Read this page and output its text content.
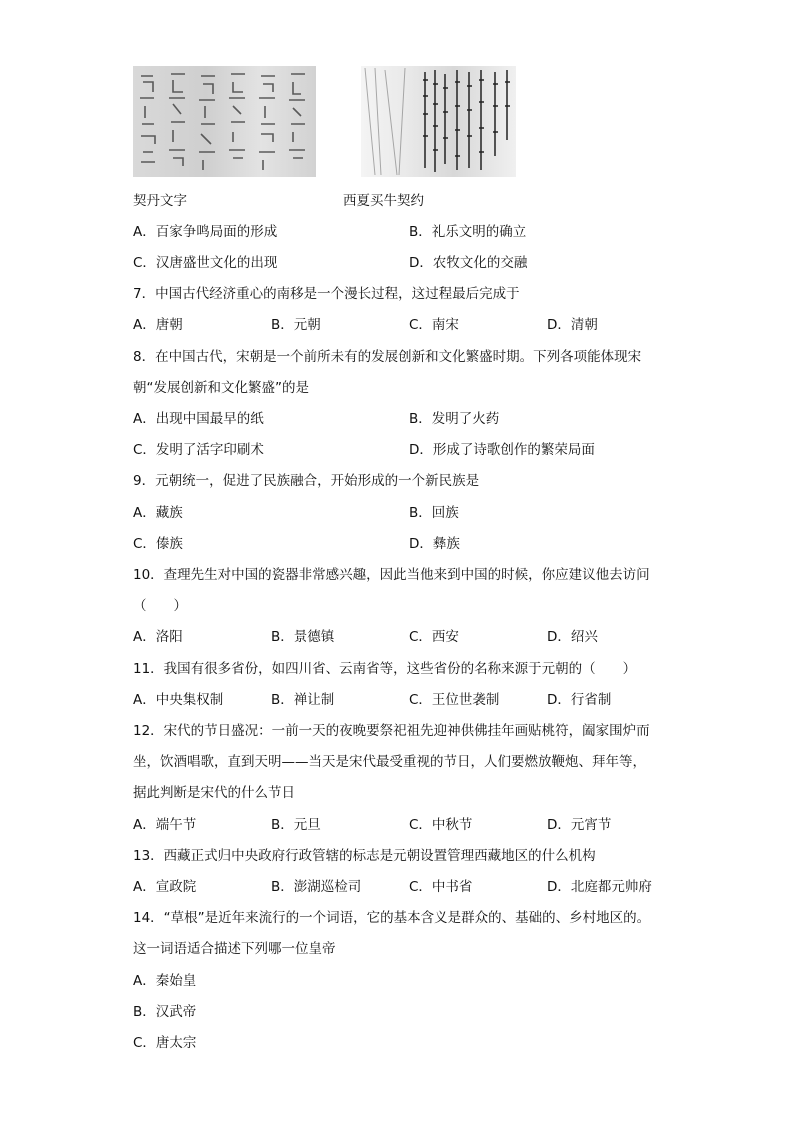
契丹文字	西夏买牛契约
A．百家争鸣局面的形成	B．礼乐文明的确立
C．汉唐盛世文化的出现	D．农牧文化的交融
7．中国古代经济重心的南移是一个漫长过程，这过程最后完成于
A．唐朝	B．元朝	C．南宋	D．清朝
8．在中国古代，宋朝是一个前所未有的发展创新和文化繁盛时期。下列各项能体现宋
朝“发展创新和文化繁盛”的是
A．出现中国最早的纸	B．发明了火药
C．发明了活字印刷术	D．形成了诗歌创作的繁荣局面
9．元朝统一，促进了民族融合，开始形成的一个新民族是
A．藏族	B．回族
C．傣族	D．彝族
10．查理先生对中国的瓷器非常感兴趣，因此当他来到中国的时候，你应建议他去访问
（　　）
A．洛阳	B．景德镇	C．西安	D．绍兴
11．我国有很多省份，如四川省、云南省等，这些省份的名称来源于元朝的（　　）
A．中央集权制	B．禅让制	C．王位世袭制	D．行省制
12．宋代的节日盛况：一前一天的夜晚要祭祀祖先迎神供佛挂年画贴桃符，阖家围炉而
坐，饮酒唱歌，直到天明——当天是宋代最受重视的节日，人们要燃放鞭炮、拜年等，
据此判断是宋代的什么节日
A．端午节	B．元旦	C．中秋节	D．元宵节
13．西藏正式归中央政府行政管辖的标志是元朝设置管理西藏地区的什么机构
A．宣政院	B．澎湖巡检司	C．中书省	D．北庭都元帅府
14．“草根”是近年来流行的一个词语，它的基本含义是群众的、基础的、乡村地区的。
这一词语适合描述下列哪一位皇帝
A．秦始皇
B．汉武帝
C．唐太宗
